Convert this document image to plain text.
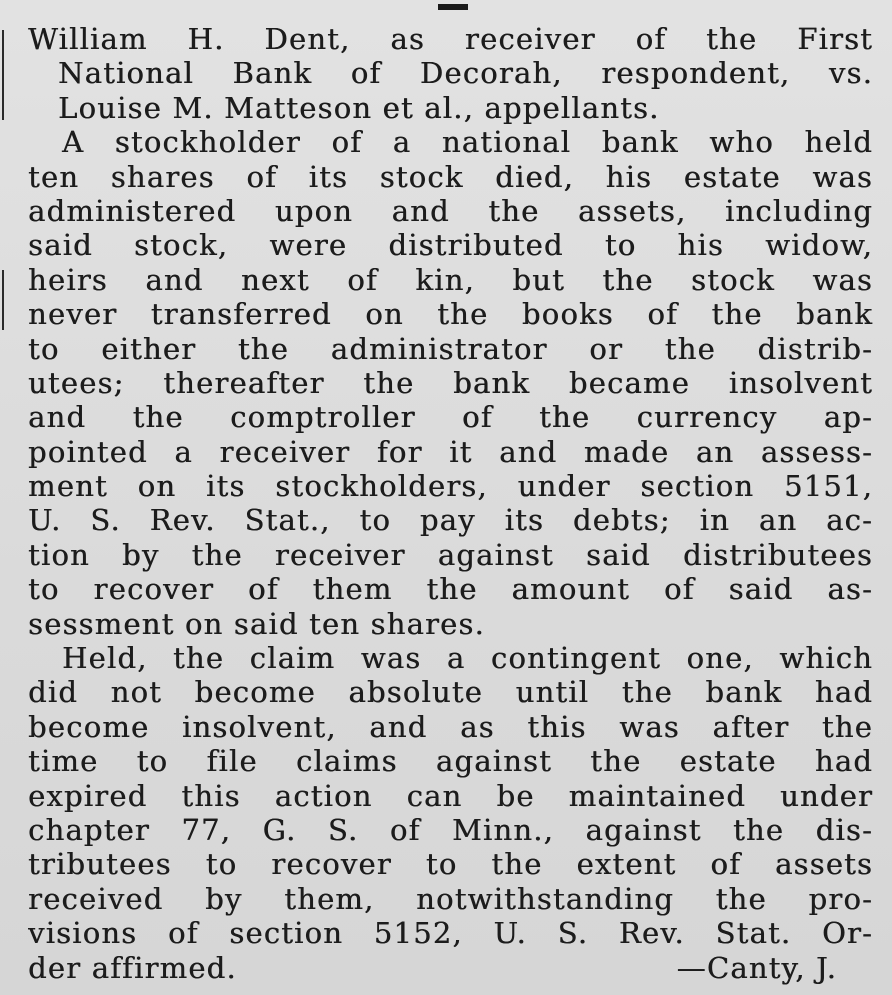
William H. Dent, as receiver of the First
National Bank of Decorah, respondent, vs.
Louise M. Matteson et al., appellants.
A stockholder of a national bank who held
ten shares of its stock died, his estate was
administered upon and the assets, including
said stock, were distributed to his widow,
heirs and next of kin, but the stock was
never transferred on the books of the bank
to either the administrator or the distrib-
utees; thereafter the bank became insolvent
and the comptroller of the currency ap-
pointed a receiver for it and made an assess-
ment on its stockholders, under section 5151,
U. S. Rev. Stat., to pay its debts; in an ac-
tion by the receiver against said distributees
to recover of them the amount of said as-
sessment on said ten shares.
Held, the claim was a contingent one, which
did not become absolute until the bank had
become insolvent, and as this was after the
time to file claims against the estate had
expired this action can be maintained under
chapter 77, G. S. of Minn., against the dis-
tributees to recover to the extent of assets
received by them, notwithstanding the pro-
visions of section 5152, U. S. Rev. Stat. Or-
der affirmed.	—Canty, J.
